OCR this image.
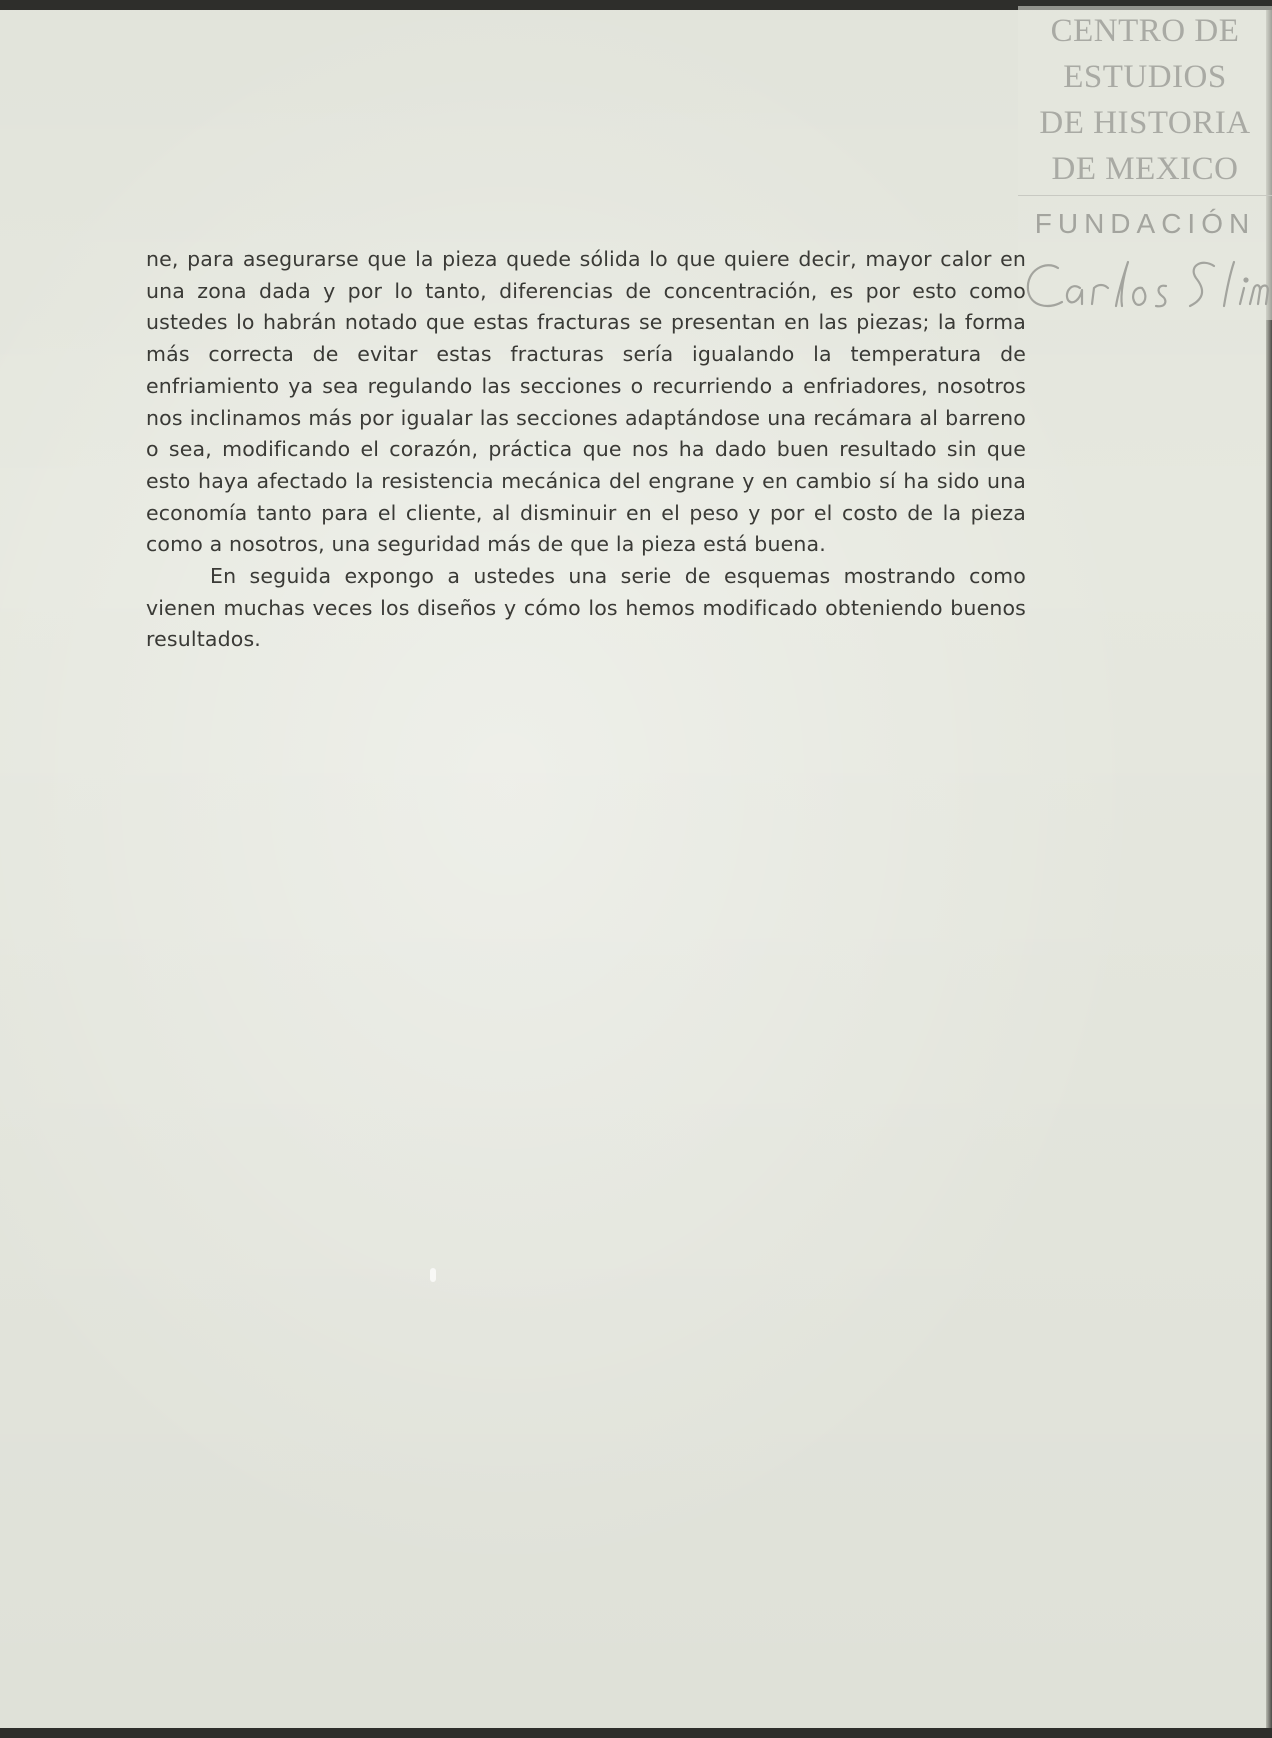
CENTRO DE
ESTUDIOS
DE HISTORIA
DE MEXICO
FUNDACIÓN

ne, para asegurarse que la pieza quede sólida lo que quiere decir, mayor calor en una zona dada y por lo tanto, diferencias de concentración, es por esto como ustedes lo habrán notado que estas fracturas se presentan en las piezas; la forma más correcta de evitar estas fracturas sería igualando la temperatura de enfriamiento ya sea regulando las secciones o recurriendo a enfriadores, nosotros nos inclinamos más por igualar las secciones adaptándose una recámara al barreno o sea, modificando el corazón, práctica que nos ha dado buen resultado sin que esto haya afectado la resistencia mecánica del engrane y en cambio sí ha sido una economía tanto para el cliente, al disminuir en el peso y por el costo de la pieza como a nosotros, una seguridad más de que la pieza está buena.

En seguida expongo a ustedes una serie de esquemas mostrando como vienen muchas veces los diseños y cómo los hemos modificado obteniendo buenos resultados.
